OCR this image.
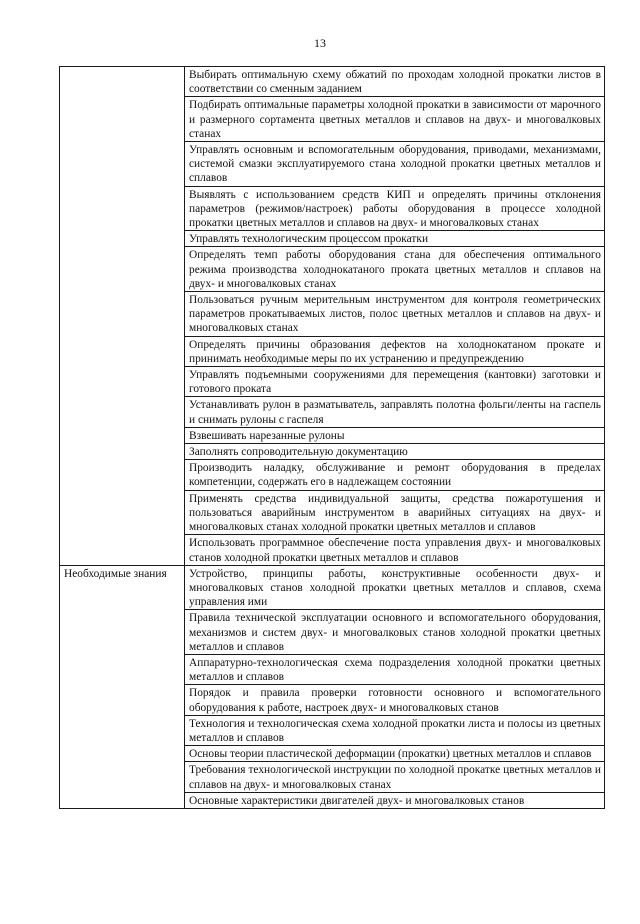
13
	Выбирать оптимальную схему обжатий по проходам холодной прокатки листов в соответствии со сменным заданием
	Подбирать оптимальные параметры холодной прокатки в зависимости от марочного и размерного сортамента цветных металлов и сплавов на двух- и многовалковых станах
	Управлять основным и вспомогательным оборудования, приводами, механизмами, системой смазки эксплуатируемого стана холодной прокатки цветных металлов и сплавов
	Выявлять с использованием средств КИП и определять причины отклонения параметров (режимов/настроек) работы оборудования в процессе холодной прокатки цветных металлов и сплавов на двух- и многовалковых станах
	Управлять технологическим процессом прокатки
	Определять темп работы оборудования стана для обеспечения оптимального режима производства холоднокатаного проката цветных металлов и сплавов на двух- и многовалковых станах
	Пользоваться ручным мерительным инструментом для контроля геометрических параметров прокатываемых листов, полос цветных металлов и сплавов на двух- и многовалковых станах
	Определять причины образования дефектов на холоднокатаном прокате и принимать необходимые меры по их устранению и предупреждению
	Управлять подъемными сооружениями для перемещения (кантовки) заготовки и готового проката
	Устанавливать рулон в разматыватель, заправлять полотна фольги/ленты на гаспель и снимать рулоны с гаспеля
	Взвешивать нарезанные рулоны
	Заполнять сопроводительную документацию
	Производить наладку, обслуживание и ремонт оборудования в пределах компетенции, содержать его в надлежащем состоянии
	Применять средства индивидуальной защиты, средства пожаротушения и пользоваться аварийным инструментом в аварийных ситуациях на двух- и многовалковых станах холодной прокатки цветных металлов и сплавов
	Использовать программное обеспечение поста управления двух- и многовалковых станов холодной прокатки цветных металлов и сплавов
Необходимые знания	Устройство, принципы работы, конструктивные особенности двух- и многовалковых станов холодной прокатки цветных металлов и сплавов, схема управления ими
	Правила технической эксплуатации основного и вспомогательного оборудования, механизмов и систем двух- и многовалковых станов холодной прокатки цветных металлов и сплавов
	Аппаратурно-технологическая схема подразделения холодной прокатки цветных металлов и сплавов
	Порядок и правила проверки готовности основного и вспомогательного оборудования к работе, настроек двух- и многовалковых станов
	Технология и технологическая схема холодной прокатки листа и полосы из цветных металлов и сплавов
	Основы теории пластической деформации (прокатки) цветных металлов и сплавов
	Требования технологической инструкции по холодной прокатке цветных металлов и сплавов на двух- и многовалковых станах
	Основные характеристики двигателей двух- и многовалковых станов
